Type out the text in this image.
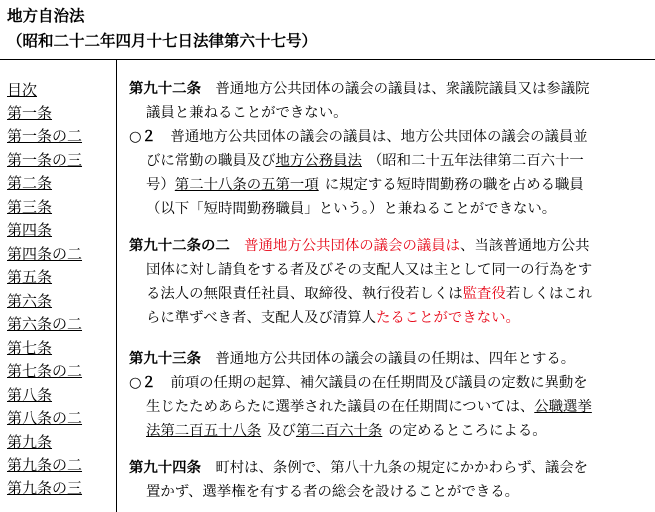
地方自治法
（昭和二十二年四月十七日法律第六十七号）
目次
第一条
第一条の二
第一条の三
第二条
第三条
第四条
第四条の二
第五条
第六条
第六条の二
第七条
第七条の二
第八条
第八条の二
第九条
第九条の二
第九条の三
第九十二条　普通地方公共団体の議会の議員は、衆議院議員又は参議院
議員と兼ねることができない。
○２　普通地方公共団体の議会の議員は、地方公共団体の議会の議員並
びに常勤の職員及び地方公務員法 （昭和二十五年法律第二百六十一
号）第二十八条の五第一項 に規定する短時間勤務の職を占める職員
（以下「短時間勤務職員」という。）と兼ねることができない。
第九十二条の二　普通地方公共団体の議会の議員は、当該普通地方公共
団体に対し請負をする者及びその支配人又は主として同一の行為をす
る法人の無限責任社員、取締役、執行役若しくは監査役若しくはこれ
らに準ずべき者、支配人及び清算人たることができない。
第九十三条　普通地方公共団体の議会の議員の任期は、四年とする。
○２　前項の任期の起算、補欠議員の在任期間及び議員の定数に異動を
生じたためあらたに選挙された議員の在任期間については、公職選挙
法第二百五十八条 及び第二百六十条 の定めるところによる。
第九十四条　町村は、条例で、第八十九条の規定にかかわらず、議会を
置かず、選挙権を有する者の総会を設けることができる。
